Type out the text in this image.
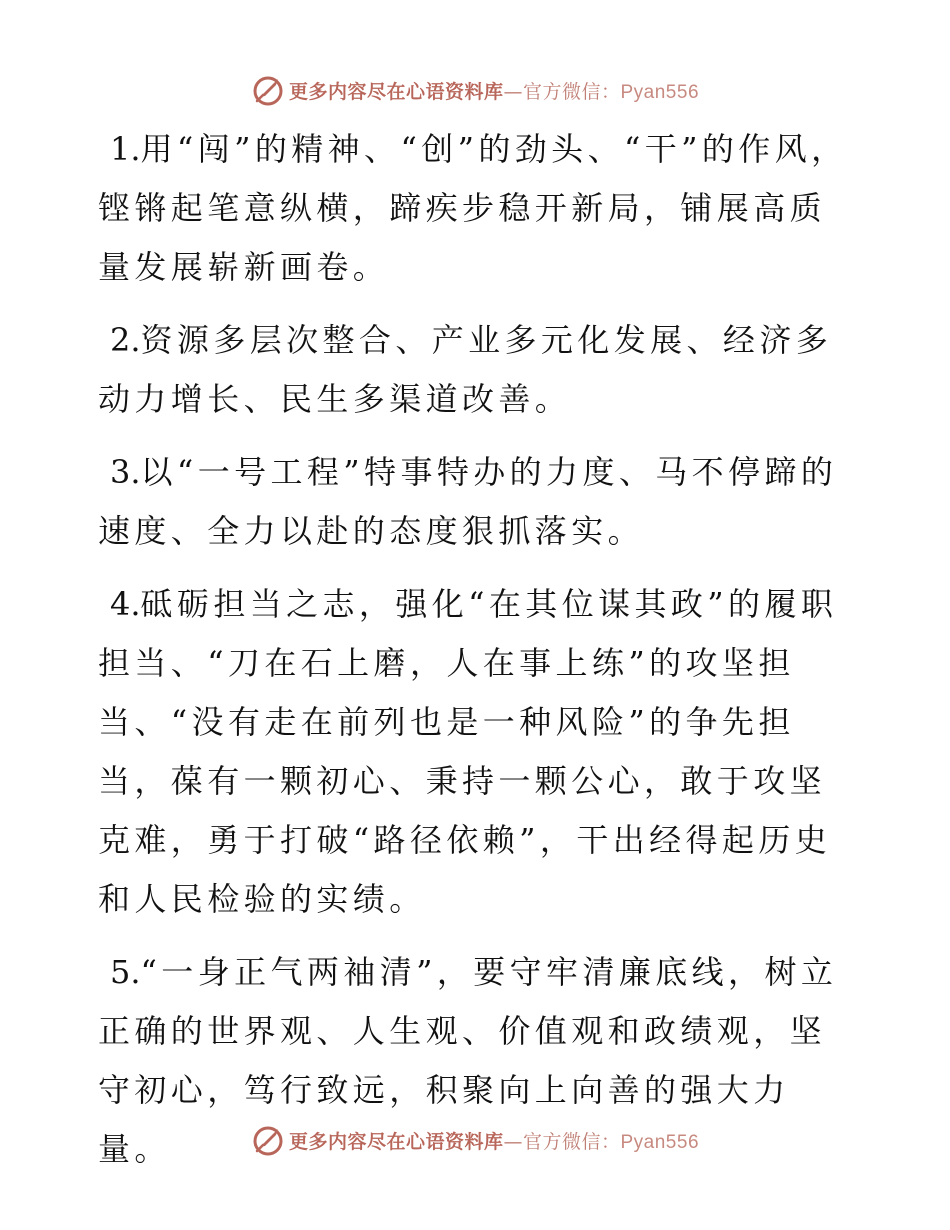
更多内容尽在心语资料库—官方微信：Pyan556

1.用“闯”的精神、“创”的劲头、“干”的作风，铿锵起笔意纵横，蹄疾步稳开新局，铺展高质量发展崭新画卷。

2.资源多层次整合、产业多元化发展、经济多动力增长、民生多渠道改善。

3.以“一号工程”特事特办的力度、马不停蹄的速度、全力以赴的态度狠抓落实。

4.砥砺担当之志，强化“在其位谋其政”的履职担当、“刀在石上磨，人在事上练”的攻坚担当、“没有走在前列也是一种风险”的争先担当，葆有一颗初心、秉持一颗公心，敢于攻坚克难，勇于打破“路径依赖”，干出经得起历史和人民检验的实绩。

5.“一身正气两袖清”，要守牢清廉底线，树立正确的世界观、人生观、价值观和政绩观，坚守初心，笃行致远，积聚向上向善的强大力量。	更多内容尽在心语资料库—官方微信：Pyan556
